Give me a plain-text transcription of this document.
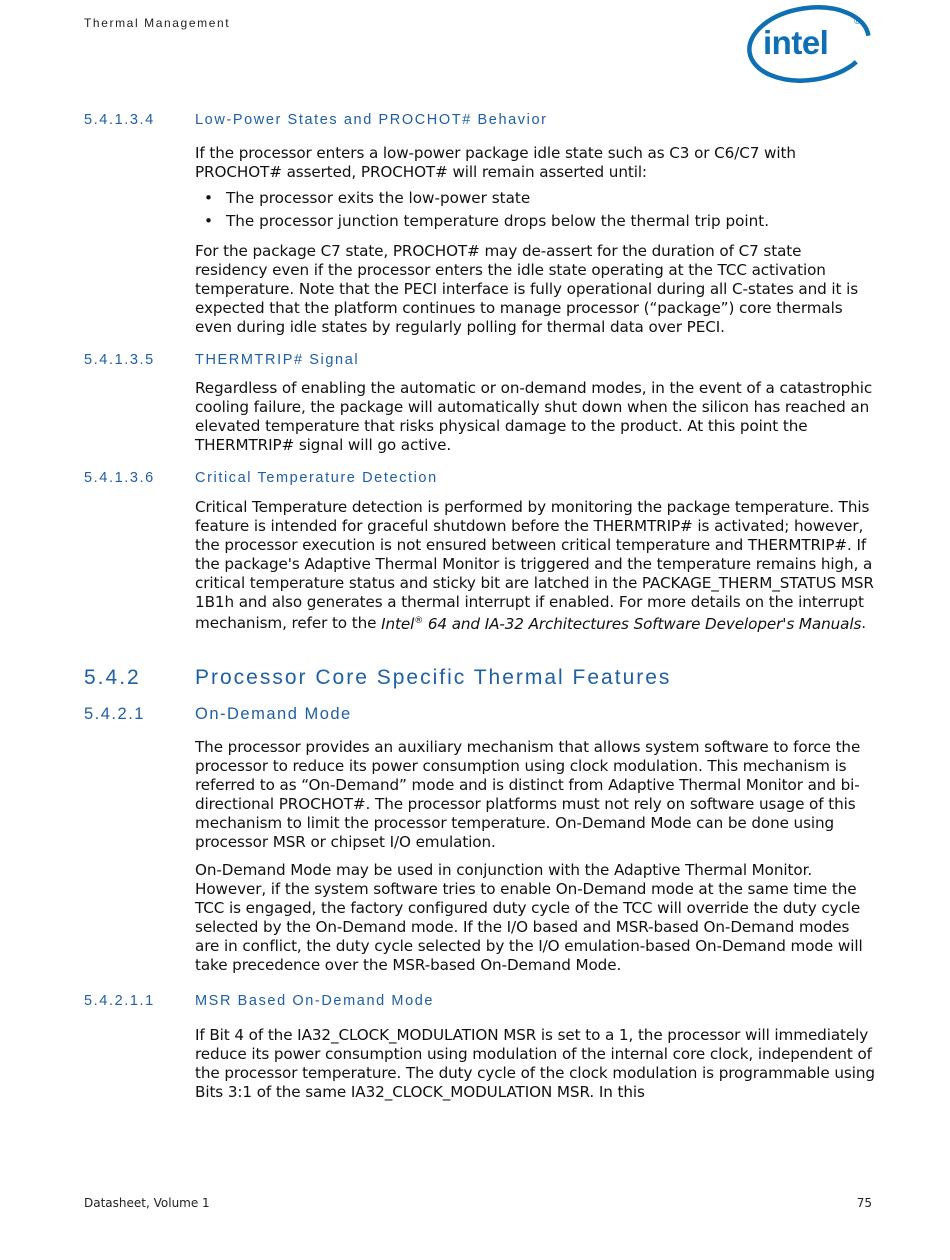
Thermal Management
intel
®
5.4.1.3.4	Low-Power States and PROCHOT# Behavior

If the processor enters a low-power package idle state such as C3 or C6/C7 with PROCHOT# asserted, PROCHOT# will remain asserted until:

• The processor exits the low-power state
• The processor junction temperature drops below the thermal trip point.

For the package C7 state, PROCHOT# may de-assert for the duration of C7 state residency even if the processor enters the idle state operating at the TCC activation temperature. Note that the PECI interface is fully operational during all C-states and it is expected that the platform continues to manage processor (“package”) core thermals even during idle states by regularly polling for thermal data over PECI.

5.4.1.3.5	THERMTRIP# Signal

Regardless of enabling the automatic or on-demand modes, in the event of a catastrophic cooling failure, the package will automatically shut down when the silicon has reached an elevated temperature that risks physical damage to the product. At this point the THERMTRIP# signal will go active.

5.4.1.3.6	Critical Temperature Detection

Critical Temperature detection is performed by monitoring the package temperature. This feature is intended for graceful shutdown before the THERMTRIP# is activated; however, the processor execution is not ensured between critical temperature and THERMTRIP#. If the package's Adaptive Thermal Monitor is triggered and the temperature remains high, a critical temperature status and sticky bit are latched in the PACKAGE_THERM_STATUS MSR 1B1h and also generates a thermal interrupt if enabled. For more details on the interrupt mechanism, refer to the Intel® 64 and IA-32 Architectures Software Developer's Manuals.

5.4.2	Processor Core Specific Thermal Features
5.4.2.1	On-Demand Mode

The processor provides an auxiliary mechanism that allows system software to force the processor to reduce its power consumption using clock modulation. This mechanism is referred to as “On-Demand” mode and is distinct from Adaptive Thermal Monitor and bi-directional PROCHOT#. The processor platforms must not rely on software usage of this mechanism to limit the processor temperature. On-Demand Mode can be done using processor MSR or chipset I/O emulation.

On-Demand Mode may be used in conjunction with the Adaptive Thermal Monitor. However, if the system software tries to enable On-Demand mode at the same time the TCC is engaged, the factory configured duty cycle of the TCC will override the duty cycle selected by the On-Demand mode. If the I/O based and MSR-based On-Demand modes are in conflict, the duty cycle selected by the I/O emulation-based On-Demand mode will take precedence over the MSR-based On-Demand Mode.

5.4.2.1.1	MSR Based On-Demand Mode

If Bit 4 of the IA32_CLOCK_MODULATION MSR is set to a 1, the processor will immediately reduce its power consumption using modulation of the internal core clock, independent of the processor temperature. The duty cycle of the clock modulation is programmable using Bits 3:1 of the same IA32_CLOCK_MODULATION MSR. In this

Datasheet, Volume 1	75
